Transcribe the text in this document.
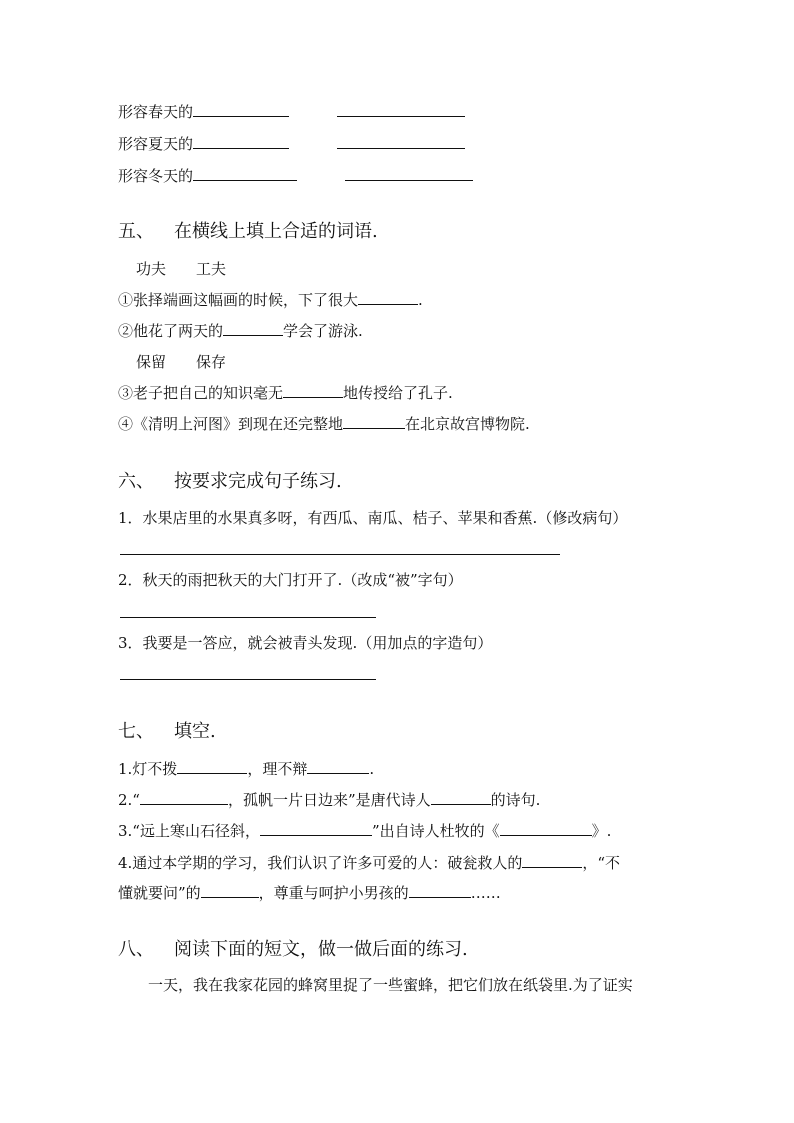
形容春天的
形容夏天的
形容冬天的
五、 在横线上填上合适的词语.
功夫 工夫
①张择端画这幅画的时候，下了很大	.
②他花了两天的	学会了游泳.
保留 保存
③老子把自己的知识毫无	地传授给了孔子.
④《清明上河图》到现在还完整地	在北京故宫博物院.
六、 按要求完成句子练习.
1．水果店里的水果真多呀，有西瓜、南瓜、桔子、苹果和香蕉.（修改病句）
2．秋天的雨把秋天的大门打开了.（改成“被”字句）
3．我要是一答应，就会被青头发现.（用加点的字造句）
七、 填空.
1.灯不拨	，理不辩	.
2.“	，孤帆一片日边来”是唐代诗人	的诗句.
3.“远上寒山石径斜，	”出自诗人杜牧的《	》.
4.通过本学期的学习，我们认识了许多可爱的人：破瓮救人的	，“不
懂就要问”的	，尊重与呵护小男孩的	……
八、 阅读下面的短文，做一做后面的练习.
一天，我在我家花园的蜂窝里捉了一些蜜蜂，把它们放在纸袋里.为了证实
